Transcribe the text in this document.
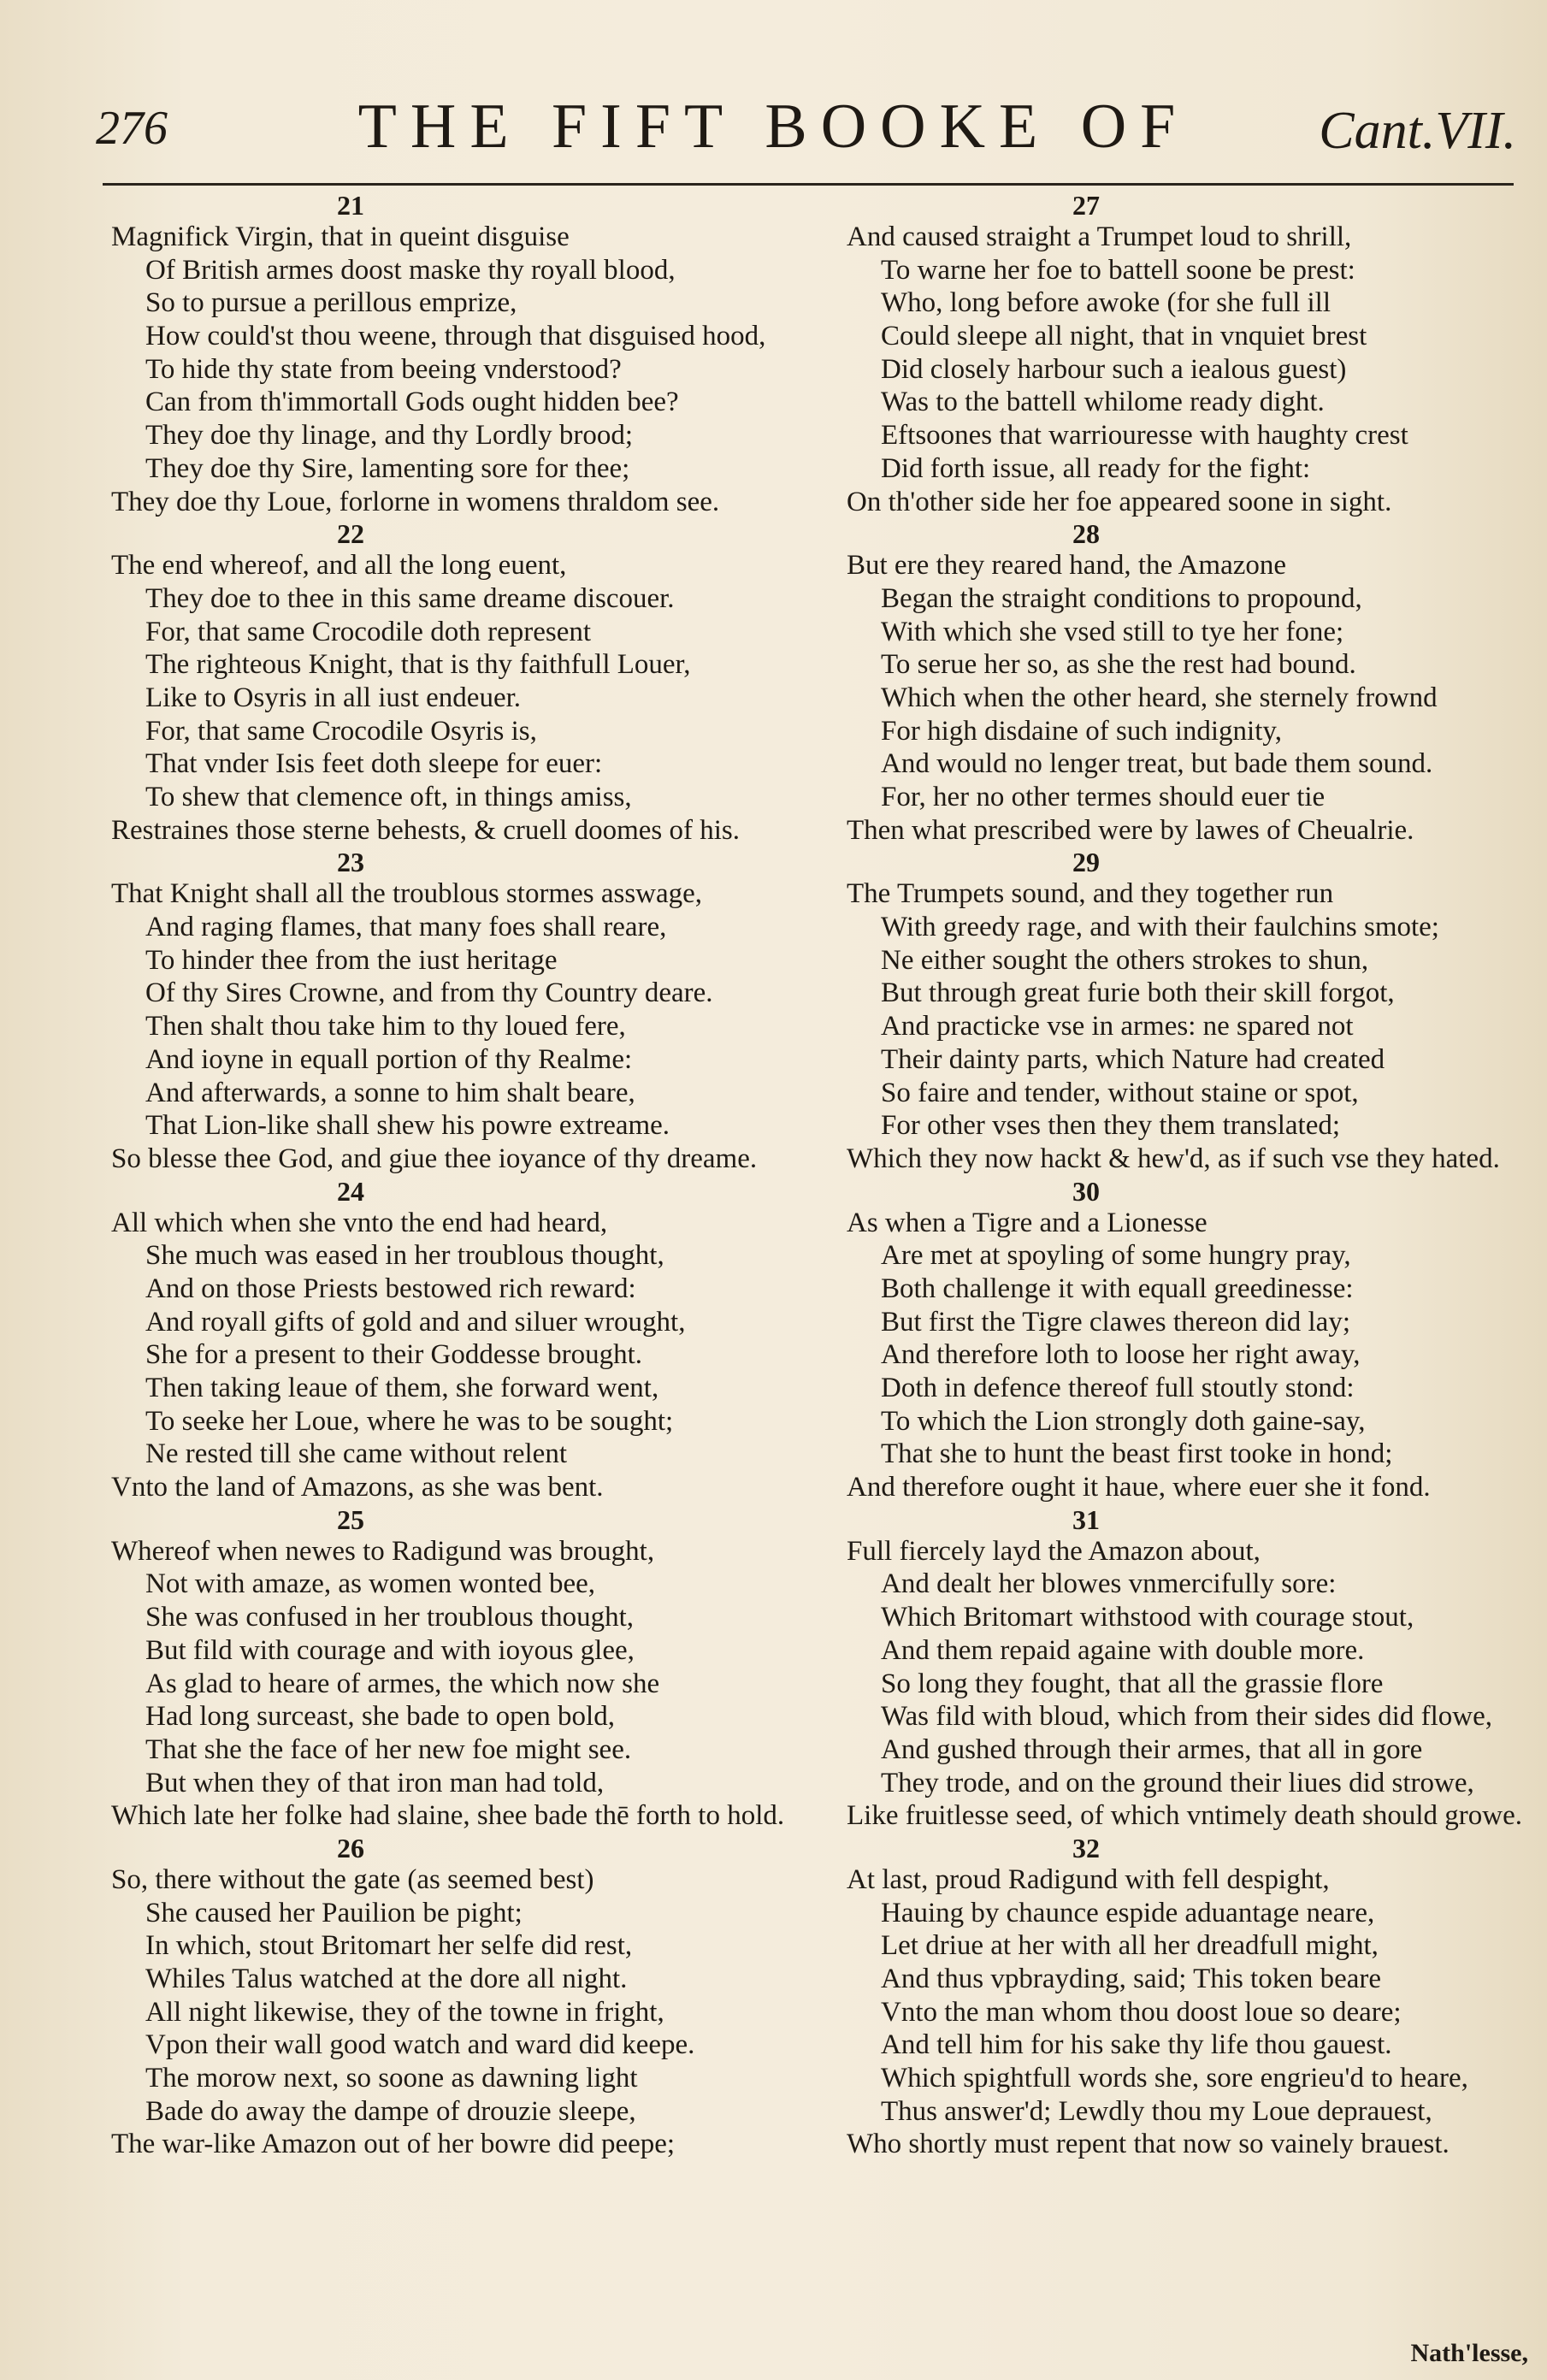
276	THE FIFT BOOKE OF	Cant.VII.
21
Magnifick Virgin, that in queint disguise
Of British armes doost maske thy royall blood,
So to pursue a perillous emprize,
How could'st thou weene, through that disguised hood,
To hide thy state from beeing vnderstood?
Can from th'immortall Gods ought hidden bee?
They doe thy linage, and thy Lordly brood;
They doe thy Sire, lamenting sore for thee;
They doe thy Loue, forlorne in womens thraldom see.
22
The end whereof, and all the long euent,
They doe to thee in this same dreame discouer.
For, that same Crocodile doth represent
The righteous Knight, that is thy faithfull Louer,
Like to Osyris in all iust endeuer.
For, that same Crocodile Osyris is,
That vnder Isis feet doth sleepe for euer:
To shew that clemence oft, in things amiss,
Restraines those sterne behests, & cruell doomes of his.
23
That Knight shall all the troublous stormes asswage,
And raging flames, that many foes shall reare,
To hinder thee from the iust heritage
Of thy Sires Crowne, and from thy Country deare.
Then shalt thou take him to thy loued fere,
And ioyne in equall portion of thy Realme:
And afterwards, a sonne to him shalt beare,
That Lion-like shall shew his powre extreame.
So blesse thee God, and giue thee ioyance of thy dreame.
24
All which when she vnto the end had heard,
She much was eased in her troublous thought,
And on those Priests bestowed rich reward:
And royall gifts of gold and and siluer wrought,
She for a present to their Goddesse brought.
Then taking leaue of them, she forward went,
To seeke her Loue, where he was to be sought;
Ne rested till she came without relent
Vnto the land of Amazons, as she was bent.
25
Whereof when newes to Radigund was brought,
Not with amaze, as women wonted bee,
She was confused in her troublous thought,
But fild with courage and with ioyous glee,
As glad to heare of armes, the which now she
Had long surceast, she bade to open bold,
That she the face of her new foe might see.
But when they of that iron man had told,
Which late her folke had slaine, shee bade thē forth to hold.
26
So, there without the gate (as seemed best)
She caused her Pauilion be pight;
In which, stout Britomart her selfe did rest,
Whiles Talus watched at the dore all night.
All night likewise, they of the towne in fright,
Vpon their wall good watch and ward did keepe.
The morow next, so soone as dawning light
Bade do away the dampe of drouzie sleepe,
The war-like Amazon out of her bowre did peepe;
27
And caused straight a Trumpet loud to shrill,
To warne her foe to battell soone be prest:
Who, long before awoke (for she full ill
Could sleepe all night, that in vnquiet brest
Did closely harbour such a iealous guest)
Was to the battell whilome ready dight.
Eftsoones that warriouresse with haughty crest
Did forth issue, all ready for the fight:
On th'other side her foe appeared soone in sight.
28
But ere they reared hand, the Amazone
Began the straight conditions to propound,
With which she vsed still to tye her fone;
To serue her so, as she the rest had bound.
Which when the other heard, she sternely frownd
For high disdaine of such indignity,
And would no lenger treat, but bade them sound.
For, her no other termes should euer tie
Then what prescribed were by lawes of Cheualrie.
29
The Trumpets sound, and they together run
With greedy rage, and with their faulchins smote;
Ne either sought the others strokes to shun,
But through great furie both their skill forgot,
And practicke vse in armes: ne spared not
Their dainty parts, which Nature had created
So faire and tender, without staine or spot,
For other vses then they them translated;
Which they now hackt & hew'd, as if such vse they hated.
30
As when a Tigre and a Lionesse
Are met at spoyling of some hungry pray,
Both challenge it with equall greedinesse:
But first the Tigre clawes thereon did lay;
And therefore loth to loose her right away,
Doth in defence thereof full stoutly stond:
To which the Lion strongly doth gaine-say,
That she to hunt the beast first tooke in hond;
And therefore ought it haue, where euer she it fond.
31
Full fiercely layd the Amazon about,
And dealt her blowes vnmercifully sore:
Which Britomart withstood with courage stout,
And them repaid againe with double more.
So long they fought, that all the grassie flore
Was fild with bloud, which from their sides did flowe,
And gushed through their armes, that all in gore
They trode, and on the ground their liues did strowe,
Like fruitlesse seed, of which vntimely death should growe.
32
At last, proud Radigund with fell despight,
Hauing by chaunce espide aduantage neare,
Let driue at her with all her dreadfull might,
And thus vpbrayding, said; This token beare
Vnto the man whom thou doost loue so deare;
And tell him for his sake thy life thou gauest.
Which spightfull words she, sore engrieu'd to heare,
Thus answer'd; Lewdly thou my Loue deprauest,
Who shortly must repent that now so vainely brauest.
Nath'lesse,
